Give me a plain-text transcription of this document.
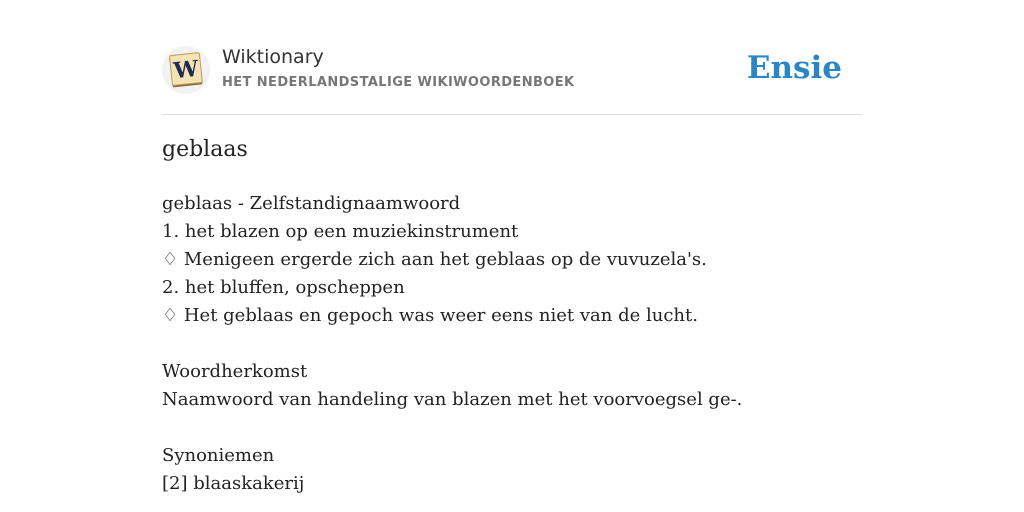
W Wiktionary
HET NEDERLANDSTALIGE WIKIWOORDENBOEK	Ensie
geblaas
geblaas - Zelfstandignaamwoord
1. het blazen op een muziekinstrument
♢ Menigeen ergerde zich aan het geblaas op de vuvuzela's.
2. het bluffen, opscheppen
♢ Het geblaas en gepoch was weer eens niet van de lucht.
Woordherkomst
Naamwoord van handeling van blazen met het voorvoegsel ge-.
Synoniemen
[2] blaaskakerij
